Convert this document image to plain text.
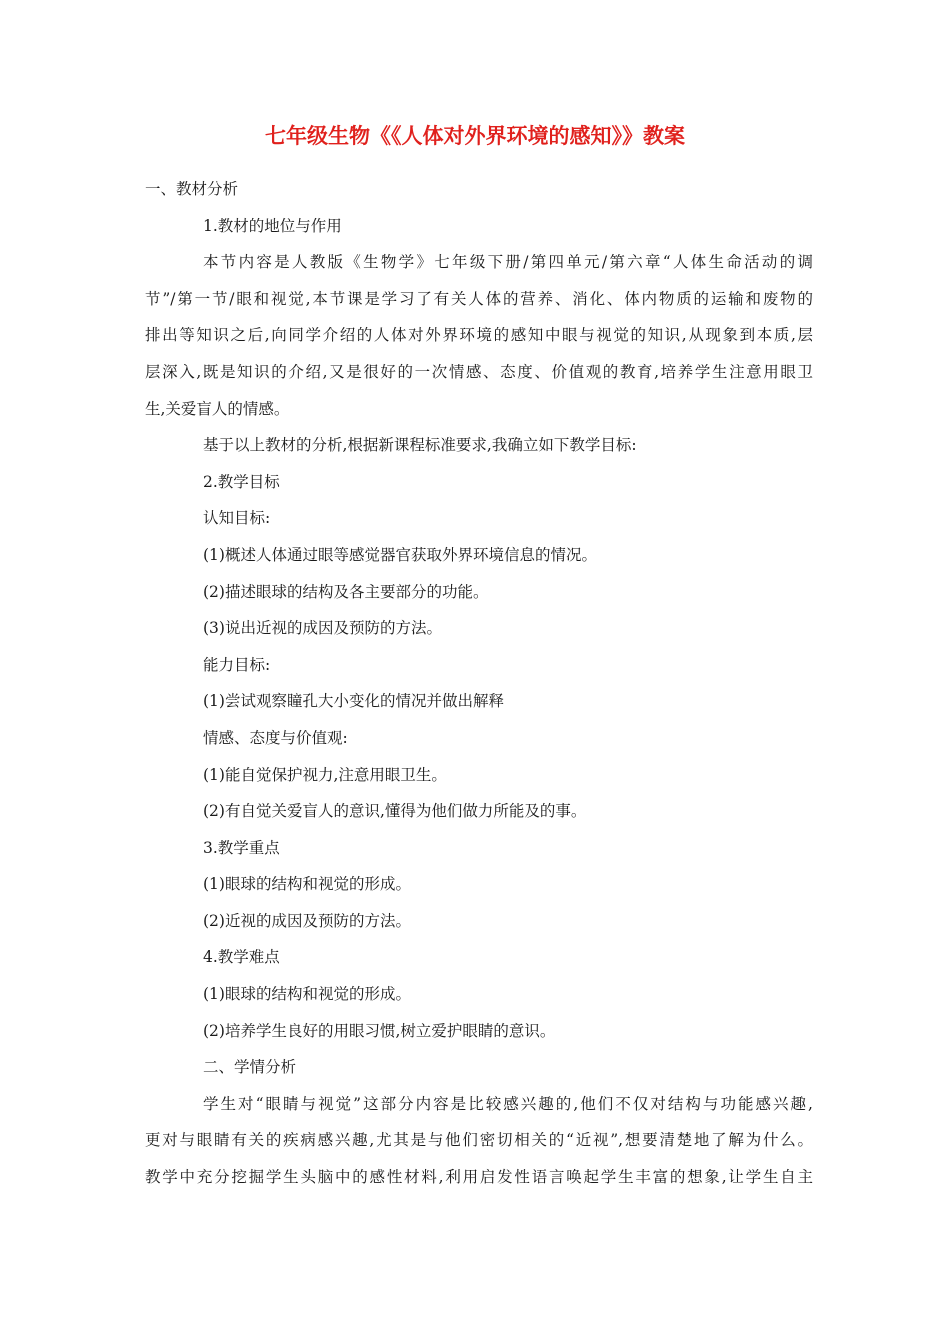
七年级生物《《人体对外界环境的感知》》教案
一、教材分析
1.教材的地位与作用
本节内容是人教版《生物学》七年级下册/第四单元/第六章“人体生命活动的调
节”/第一节/眼和视觉,本节课是学习了有关人体的营养、消化、体内物质的运输和废物的
排出等知识之后,向同学介绍的人体对外界环境的感知中眼与视觉的知识,从现象到本质,层
层深入,既是知识的介绍,又是很好的一次情感、态度、价值观的教育,培养学生注意用眼卫
生,关爱盲人的情感。
基于以上教材的分析,根据新课程标准要求,我确立如下教学目标:
2.教学目标
认知目标:
(1)概述人体通过眼等感觉器官获取外界环境信息的情况。
(2)描述眼球的结构及各主要部分的功能。
(3)说出近视的成因及预防的方法。
能力目标:
(1)尝试观察瞳孔大小变化的情况并做出解释
情感、态度与价值观:
(1)能自觉保护视力,注意用眼卫生。
(2)有自觉关爱盲人的意识,懂得为他们做力所能及的事。
3.教学重点
(1)眼球的结构和视觉的形成。
(2)近视的成因及预防的方法。
4.教学难点
(1)眼球的结构和视觉的形成。
(2)培养学生良好的用眼习惯,树立爱护眼睛的意识。
二、学情分析
学生对“眼睛与视觉”这部分内容是比较感兴趣的,他们不仅对结构与功能感兴趣,
更对与眼睛有关的疾病感兴趣,尤其是与他们密切相关的“近视”,想要清楚地了解为什么。
教学中充分挖掘学生头脑中的感性材料,利用启发性语言唤起学生丰富的想象,让学生自主
